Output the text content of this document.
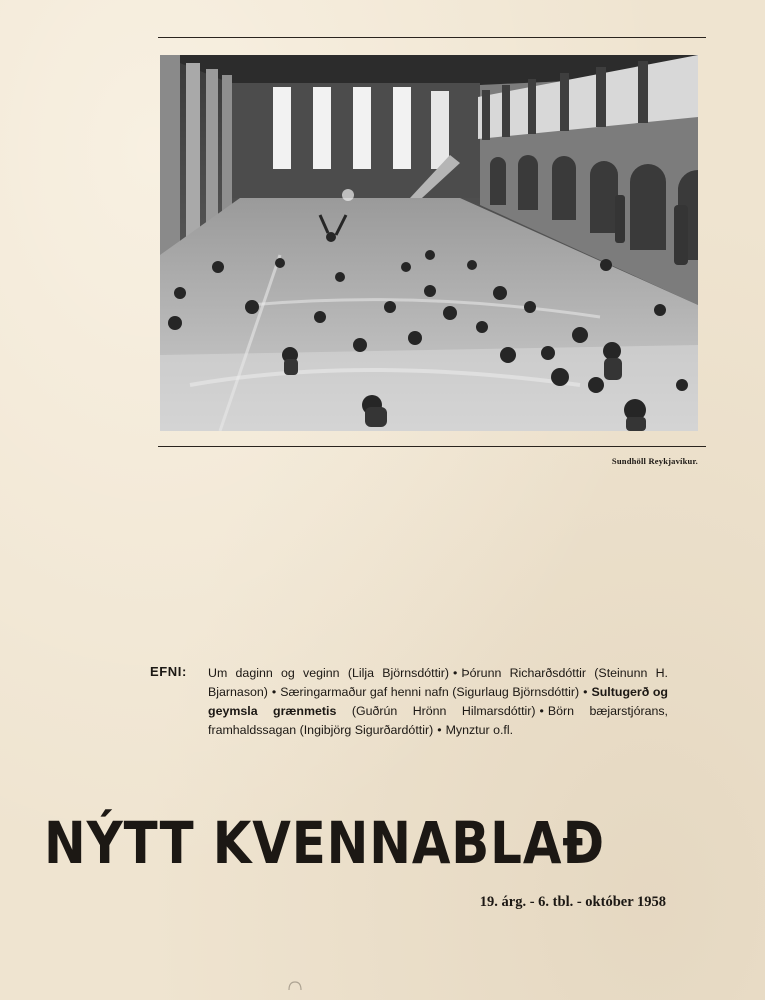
Sundhöll Reykjavíkur.
EFNI: Um daginn og veginn (Lilja Björnsdóttir) • Þórunn Richarðsdóttir (Steinunn H. Bjarnason) • Særingarmaður gaf henni nafn (Sigurlaug Björnsdóttir) • Sultugerð og geymsla grænmetis (Guðrún Hrönn Hilmarsdóttir) • Börn bæjarstjórans, framhaldssagan (Ingibjörg Sigurðardóttir) • Mynztur o.fl.
NÝTT KVENNABLAÐ
19. árg. - 6. tbl. - október 1958
